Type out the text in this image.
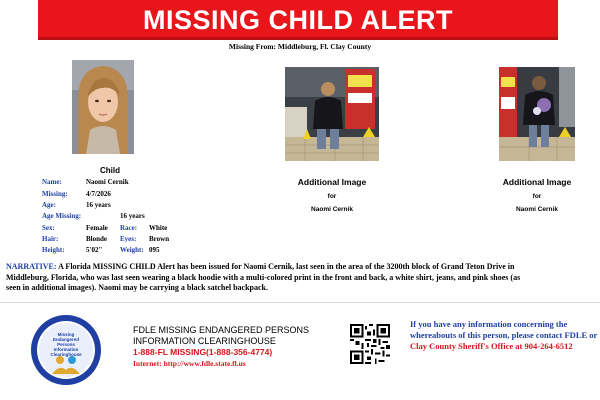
MISSING CHILD ALERT
Missing From: Middleburg, Fl. Clay County
Child
Additional Image
for
Naomi Cernik
Additional Image
for
Naomi Cernik
Name:	Naomi Cernik
Missing:	4/7/2026
Age:	16 years
Age Missing:	16 years
Sex:	Female Race: White
Hair:	Blonde Eyes: Brown
Height:	5'02"	Weight: 095
NARRATIVE: A Florida MISSING CHILD Alert has been issued for Naomi Cernik, last seen in the area of the 3200th block of Grand Teton Drive in
Middleburg, Florida, who was last seen wearing a black hoodie with a multi-colored print in the front and back, a white shirt, jeans, and pink shoes (as
seen in additional images). Naomi may be carrying a black satchel backpack.
Missing
Endangered
Persons
Information
Clearinghouse
FDLE MISSING ENDANGERED PERSONS
INFORMATION CLEARINGHOUSE
1-888-FL MISSING(1-888-356-4774)
Internet: http://www.fdle.state.fl.us
If you have any information concerning the
whereabouts of this person, please contact FDLE or
Clay County Sheriff's Office at 904-264-6512
